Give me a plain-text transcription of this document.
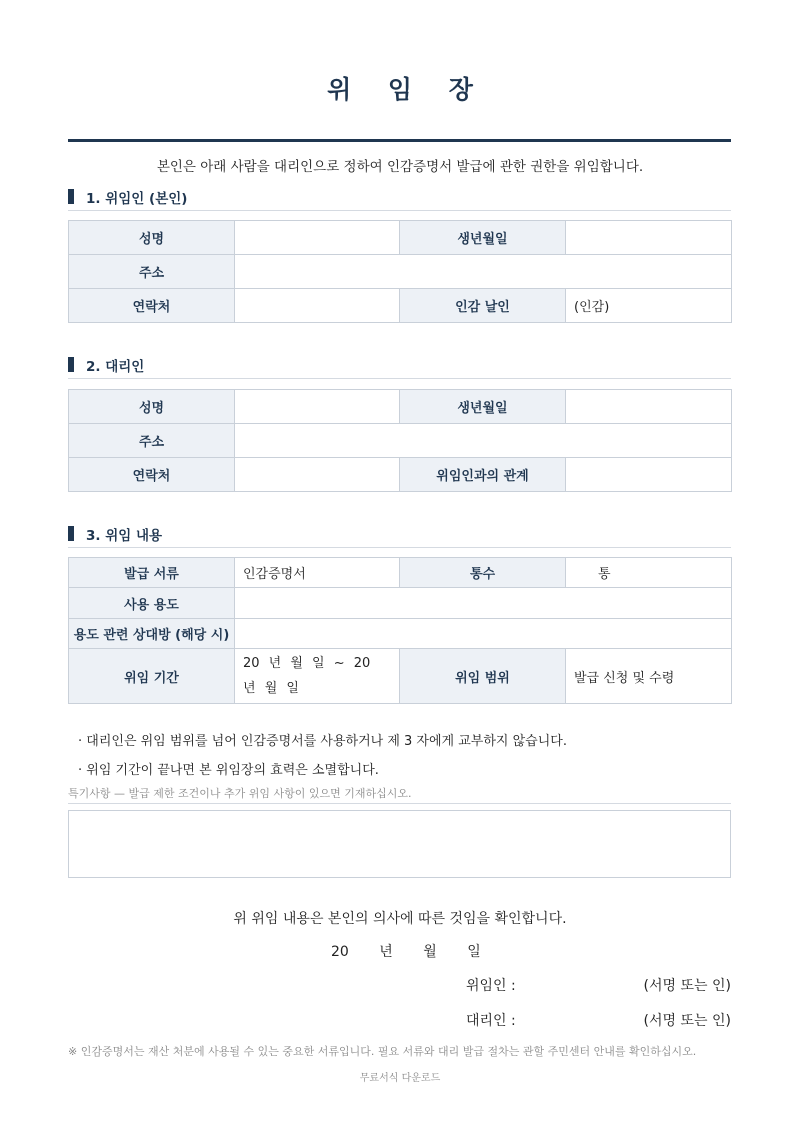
위 임 장
본인은 아래 사람을 대리인으로 정하여 인감증명서 발급에 관한 권한을 위임합니다.
1. 위임인 (본인)
성명		생년월일	
주소			
연락처		인감 날인	(인감)
2. 대리인
성명		생년월일	
주소			
연락처		위임인과의 관계	
3. 위임 내용
발급 서류	인감증명서	통수	통
사용 용도			
용도 관련 상대방 (해당 시)			
위임 기간	20 년 월 일 ~ 20 년 월 일	위임 범위	발급 신청 및 수령
· 대리인은 위임 범위를 넘어 인감증명서를 사용하거나 제 3 자에게 교부하지 않습니다.
· 위임 기간이 끝나면 본 위임장의 효력은 소멸합니다.
특기사항 — 발급 제한 조건이나 추가 위임 사항이 있으면 기재하십시오.
위 위임 내용은 본인의 의사에 따른 것임을 확인합니다.
20 년 월 일
위임인 :	(서명 또는 인)
대리인 :	(서명 또는 인)
※ 인감증명서는 재산 처분에 사용될 수 있는 중요한 서류입니다. 필요 서류와 대리 발급 절차는 관할 주민센터 안내를 확인하십시오.
무료서식 다운로드
